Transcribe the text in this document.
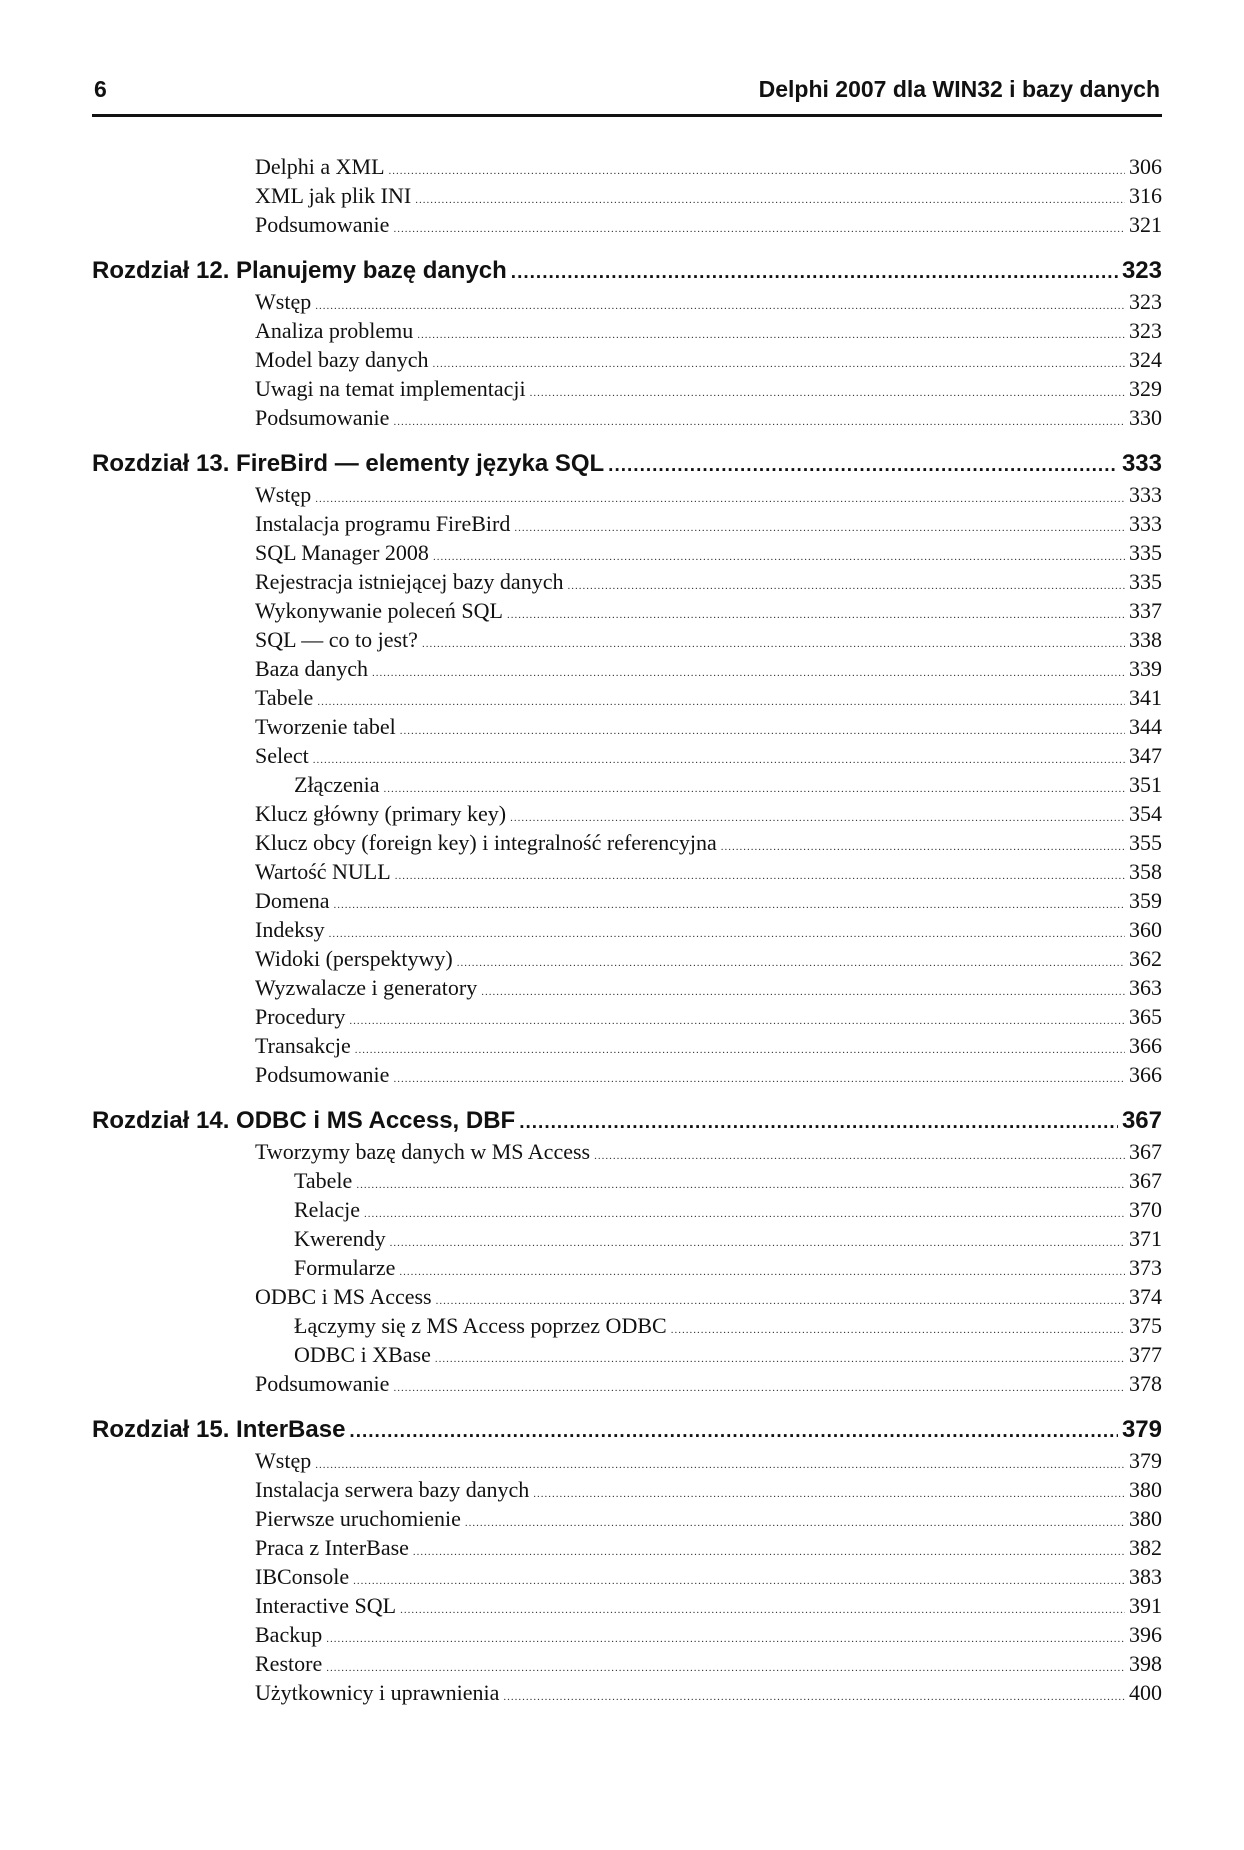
6	Delphi 2007 dla WIN32 i bazy danych
Delphi a XML .....	306
XML jak plik INI .....	316
Podsumowanie .....	321
Rozdział 12. Planujemy bazę danych .....	323
Wstęp .....	323
Analiza problemu .....	323
Model bazy danych .....	324
Uwagi na temat implementacji .....	329
Podsumowanie .....	330
Rozdział 13. FireBird — elementy języka SQL .....	333
Wstęp .....	333
Instalacja programu FireBird .....	333
SQL Manager 2008 .....	335
Rejestracja istniejącej bazy danych .....	335
Wykonywanie poleceń SQL .....	337
SQL — co to jest? .....	338
Baza danych .....	339
Tabele .....	341
Tworzenie tabel .....	344
Select .....	347
Złączenia .....	351
Klucz główny (primary key) .....	354
Klucz obcy (foreign key) i integralność referencyjna .....	355
Wartość NULL .....	358
Domena .....	359
Indeksy .....	360
Widoki (perspektywy) .....	362
Wyzwalacze i generatory .....	363
Procedury .....	365
Transakcje .....	366
Podsumowanie .....	366
Rozdział 14. ODBC i MS Access, DBF .....	367
Tworzymy bazę danych w MS Access .....	367
Tabele .....	367
Relacje .....	370
Kwerendy .....	371
Formularze .....	373
ODBC i MS Access .....	374
Łączymy się z MS Access poprzez ODBC .....	375
ODBC i XBase .....	377
Podsumowanie .....	378
Rozdział 15. InterBase .....	379
Wstęp .....	379
Instalacja serwera bazy danych .....	380
Pierwsze uruchomienie .....	380
Praca z InterBase .....	382
IBConsole .....	383
Interactive SQL .....	391
Backup .....	396
Restore .....	398
Użytkownicy i uprawnienia .....	400
